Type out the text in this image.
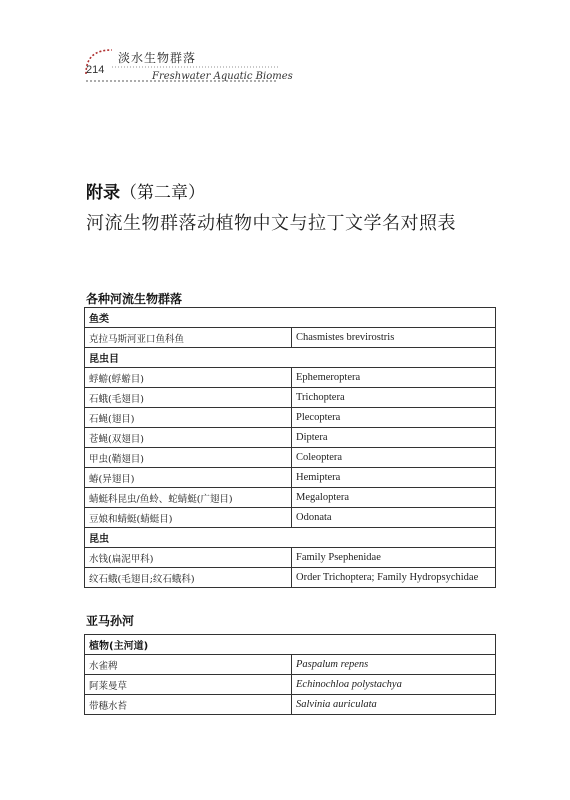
214
淡水生物群落
Freshwater Aquatic Biomes
附录（第二章）
河流生物群落动植物中文与拉丁文学名对照表
各种河流生物群落
鱼类	
克拉马斯河亚口鱼科鱼	Chasmistes brevirostris
昆虫目	
蜉蝣(蜉蝣目)	Ephemeroptera
石蛾(毛翅目)	Trichoptera
石蝇(翅目)	Plecoptera
苍蝇(双翅目)	Diptera
甲虫(鞘翅目)	Coleoptera
蝽(异翅目)	Hemiptera
蜻蜓科昆虫/鱼蛉、蛇蜻蜓(广翅目)	Megaloptera
豆娘和蜻蜓(蜻蜓目)	Odonata
昆虫	
水钱(扁泥甲科)	Family Psephenidae
纹石蛾(毛翅目;纹石蛾科)	Order Trichoptera; Family Hydropsychidae
亚马孙河
植物(主河道)	
水雀稗	Paspalum repens
阿莱曼草	Echinochloa polystachya
带穗水苔	Salvinia auriculata
